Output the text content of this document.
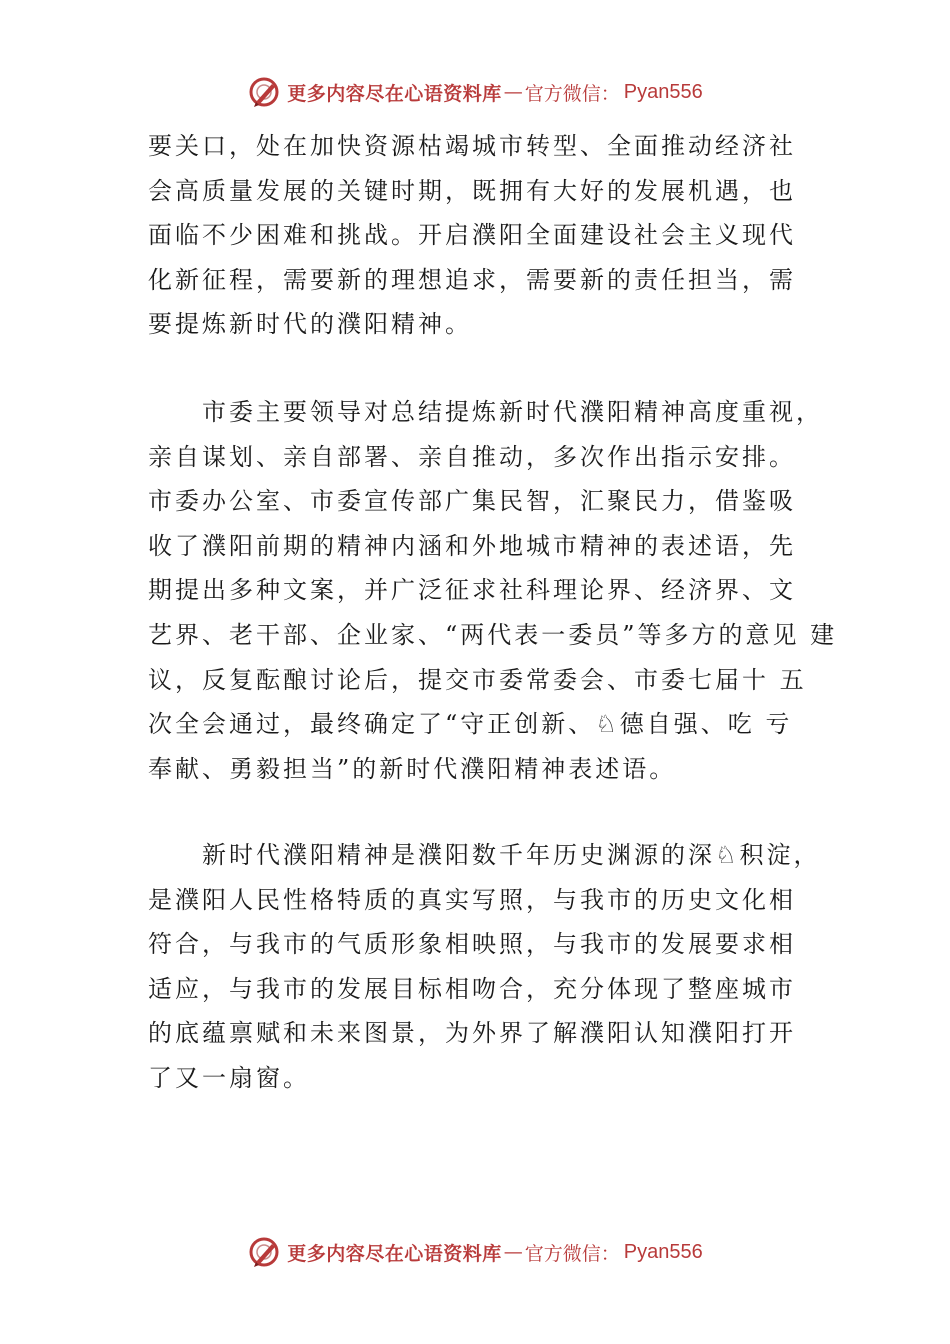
更多内容尽在心语资料库 — 官方微信： Pyan556
要关口，处在加快资源枯竭城市转型、全面推动经济社
会高质量发展的关键时期，既拥有大好的发展机遇，也
面临不少困难和挑战。开启濮阳全面建设社会主义现代
化新征程，需要新的理想追求，需要新的责任担当，需
要提炼新时代的濮阳精神。
　　市委主要领导对总结提炼新时代濮阳精神高度重视，
亲自谋划、亲自部署、亲自推动，多次作出指示安排。
市委办公室、市委宣传部广集民智，汇聚民力，借鉴吸
收了濮阳前期的精神内涵和外地城市精神的表述语，先
期提出多种文案，并广泛征求社科理论界、经济界、文
艺界、老干部、企业家、“两代表一委员”等多方的意见 建
议，反复酝酿讨论后，提交市委常委会、市委七届十 五
次全会通过，最终确定了“守正创新、♘德自强、吃 亏
奉献、勇毅担当”的新时代濮阳精神表述语。
　　新时代濮阳精神是濮阳数千年历史渊源的深♘积淀，
是濮阳人民性格特质的真实写照，与我市的历史文化相
符合，与我市的气质形象相映照，与我市的发展要求相
适应，与我市的发展目标相吻合，充分体现了整座城市
的底蕴禀赋和未来图景，为外界了解濮阳认知濮阳打开
了又一扇窗。
更多内容尽在心语资料库 — 官方微信： Pyan556
